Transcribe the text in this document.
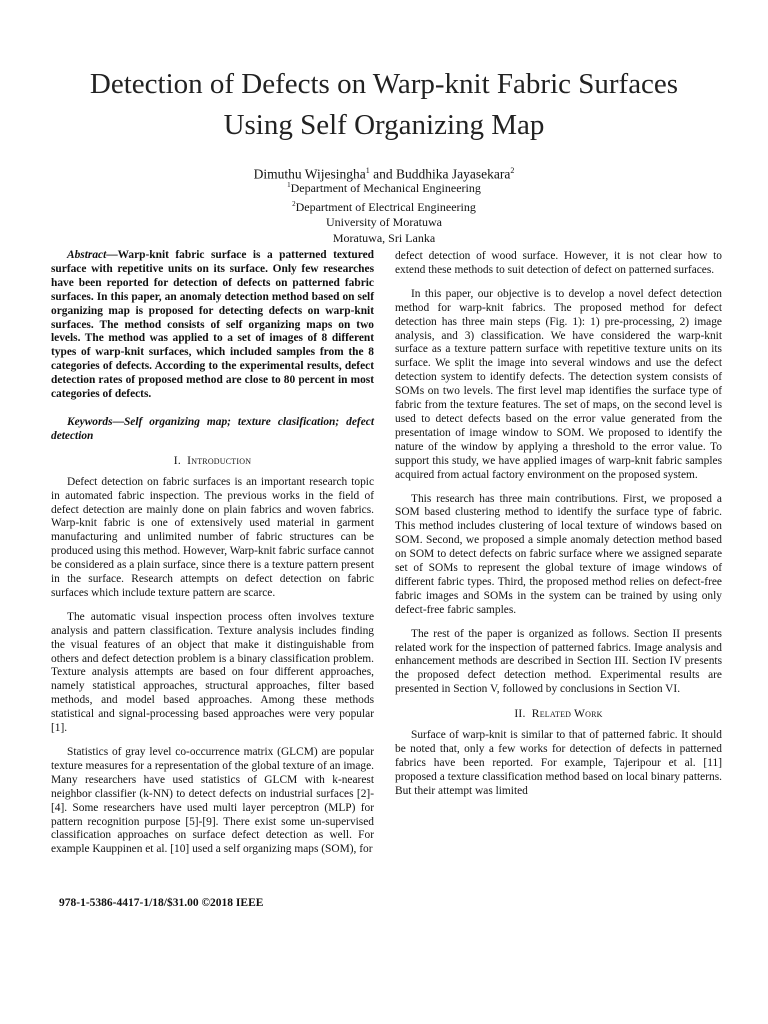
Detection of Defects on Warp-knit Fabric Surfaces
Using Self Organizing Map
Dimuthu Wijesingha$^1$ and Buddhika Jayasekara$^2$
$^1$Department of Mechanical Engineering
$^2$Department of Electrical Engineering
University of Moratuwa
Moratuwa, Sri Lanka

Abstract—Warp-knit fabric surface is a patterned textured surface with repetitive units on its surface. Only few researches have been reported for detection of defects on patterned fabric surfaces. In this paper, an anomaly detection method based on self organizing map is proposed for detecting defects on warp-knit surfaces. The method consists of self organizing maps on two levels. The method was applied to a set of images of 8 different types of warp-knit surfaces, which included samples from the 8 categories of defects. According to the experimental results, defect detection rates of proposed method are close to 80 percent in most categories of defects.

Keywords—Self organizing map; texture clasification; defect detection

I. Introduction

Defect detection on fabric surfaces is an important research topic in automated fabric inspection. The previous works in the field of defect detection are mainly done on plain fabrics and woven fabrics. Warp-knit fabric is one of extensively used material in garment manufacturing and unlimited number of fabric structures can be produced using this method. However, Warp-knit fabric surface cannot be considered as a plain surface, since there is a texture pattern present in the surface. Research attempts on defect detection on fabric surfaces which include texture pattern are scarce.

The automatic visual inspection process often involves texture analysis and pattern classification. Texture analysis includes finding the visual features of an object that make it distinguishable from others and defect detection problem is a binary classification problem. Texture analysis attempts are based on four different approaches, namely statistical approaches, structural approaches, filter based methods, and model based approaches. Among these methods statistical and signal-processing based approaches were very popular [1].

Statistics of gray level co-occurrence matrix (GLCM) are popular texture measures for a representation of the global texture of an image. Many researchers have used statistics of GLCM with k-nearest neighbor classifier (k-NN) to detect defects on industrial surfaces [2]-[4]. Some researchers have used multi layer perceptron (MLP) for pattern recognition purpose [5]-[9]. There exist some un-supervised classification approaches on surface defect detection as well. For example Kauppinen et al. [10] used a self organizing maps (SOM), for

defect detection of wood surface. However, it is not clear how to extend these methods to suit detection of defect on patterned surfaces.

In this paper, our objective is to develop a novel defect detection method for warp-knit fabrics. The proposed method for defect detection has three main steps (Fig. 1): 1) pre-processing, 2) image analysis, and 3) classification. We have considered the warp-knit surface as a texture pattern surface with repetitive texture units on its surface. We split the image into several windows and use the defect detection system to identify defects. The detection system consists of SOMs on two levels. The first level map identifies the surface type of fabric from the texture features. The set of maps, on the second level is used to detect defects based on the error value generated from the presentation of image window to SOM. We proposed to identify the nature of the window by applying a threshold to the error value. To support this study, we have applied images of warp-knit fabric samples acquired from actual factory environment on the proposed system.

This research has three main contributions. First, we proposed a SOM based clustering method to identify the surface type of fabric. This method includes clustering of local texture of windows based on SOM. Second, we proposed a simple anomaly detection method based on SOM to detect defects on fabric surface where we assigned separate set of SOMs to represent the global texture of image windows of different fabric types. Third, the proposed method relies on defect-free fabric images and SOMs in the system can be trained by using only defect-free fabric samples.

The rest of the paper is organized as follows. Section II presents related work for the inspection of patterned fabrics. Image analysis and enhancement methods are described in Section III. Section IV presents the proposed defect detection method. Experimental results are presented in Section V, followed by conclusions in Section VI.

II. Related Work

Surface of warp-knit is similar to that of patterned fabric. It should be noted that, only a few works for detection of defects in patterned fabrics have been reported. For example, Tajeripour et al. [11] proposed a texture classification method based on local binary patterns. But their attempt was limited

978-1-5386-4417-1/18/$31.00 ©2018 IEEE
